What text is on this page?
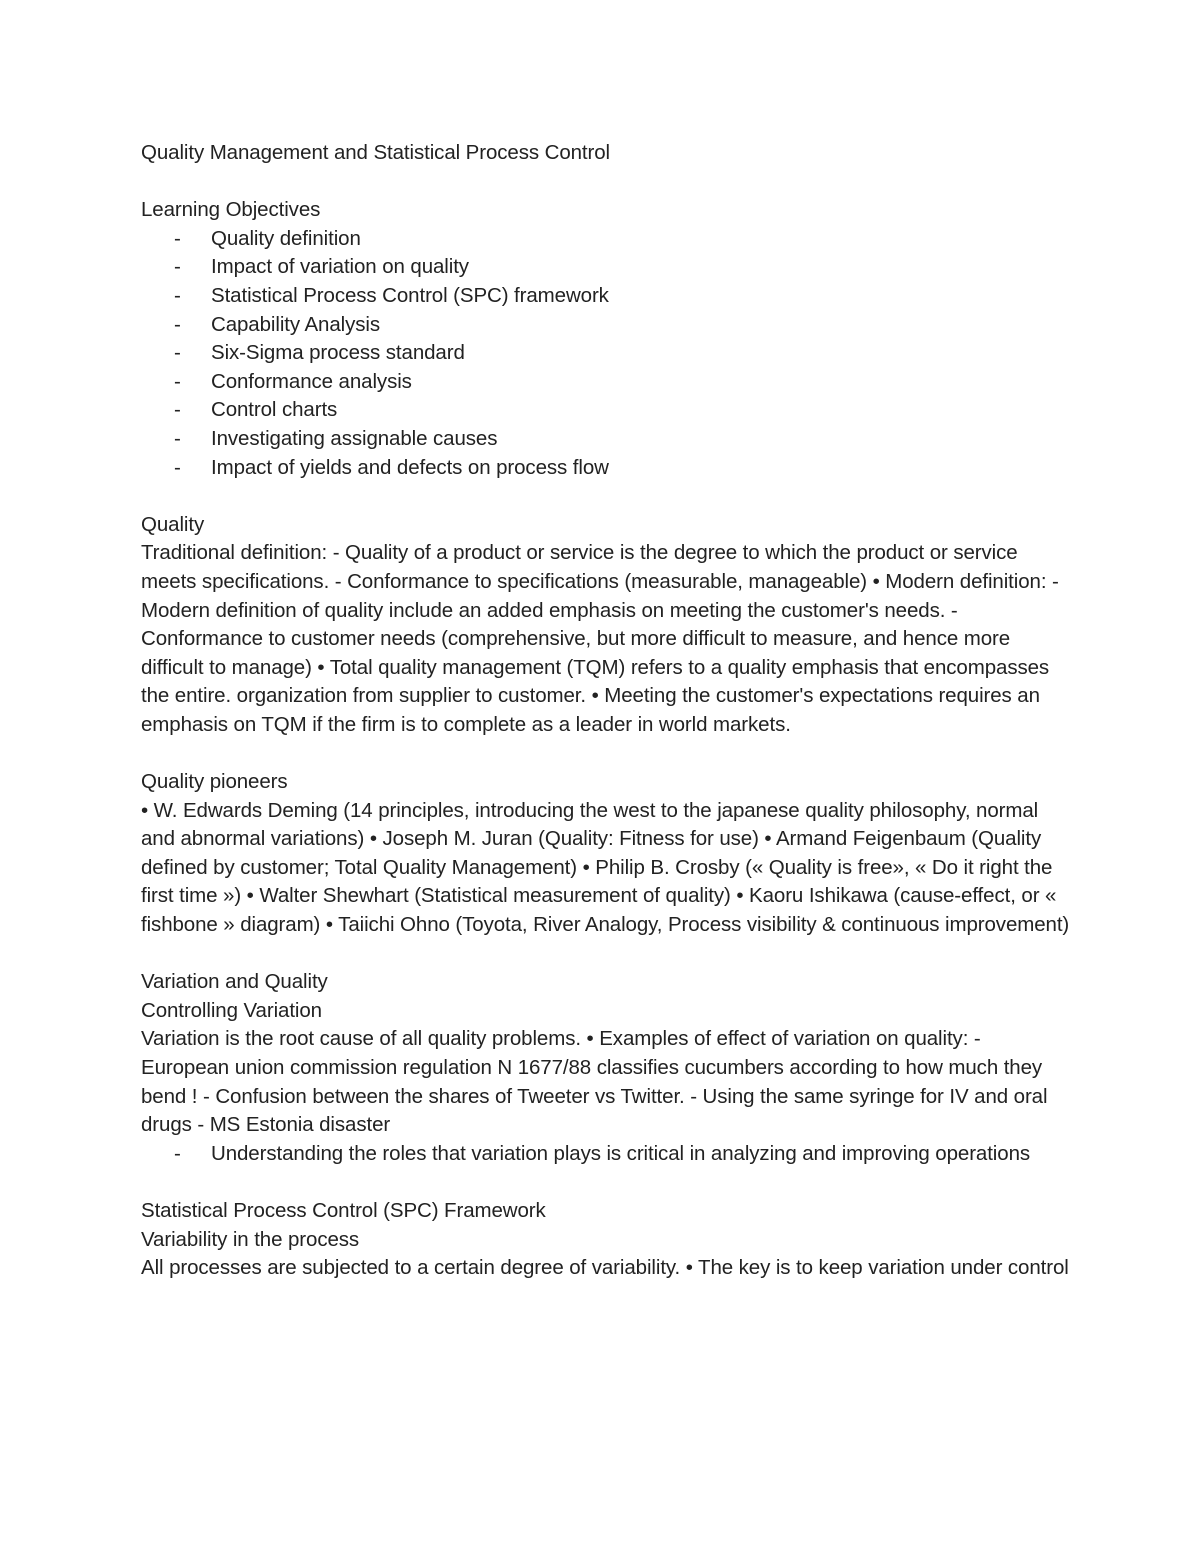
Quality Management and Statistical Process Control

Learning Objectives

- Quality definition
- Impact of variation on quality
- Statistical Process Control (SPC) framework
- Capability Analysis
- Six-Sigma process standard
- Conformance analysis
- Control charts
- Investigating assignable causes
- Impact of yields and defects on process flow

Quality

Traditional definition: - Quality of a product or service is the degree to which the product or service meets specifications. - Conformance to specifications (measurable, manageable) • Modern definition: - Modern definition of quality include an added emphasis on meeting the customer's needs. - Conformance to customer needs (comprehensive, but more difficult to measure, and hence more difficult to manage) • Total quality management (TQM) refers to a quality emphasis that encompasses the entire. organization from supplier to customer. • Meeting the customer's expectations requires an emphasis on TQM if the firm is to complete as a leader in world markets.

Quality pioneers

• W. Edwards Deming (14 principles, introducing the west to the japanese quality philosophy, normal and abnormal variations) • Joseph M. Juran (Quality: Fitness for use) • Armand Feigenbaum (Quality defined by customer; Total Quality Management) • Philip B. Crosby (« Quality is free», « Do it right the first time ») • Walter Shewhart (Statistical measurement of quality) • Kaoru Ishikawa (cause-effect, or « fishbone » diagram) • Taiichi Ohno (Toyota, River Analogy, Process visibility & continuous improvement)

Variation and Quality

Controlling Variation

Variation is the root cause of all quality problems. • Examples of effect of variation on quality: - European union commission regulation N 1677/88 classifies cucumbers according to how much they bend ! - Confusion between the shares of Tweeter vs Twitter. - Using the same syringe for IV and oral drugs - MS Estonia disaster

- Understanding the roles that variation plays is critical in analyzing and improving operations

Statistical Process Control (SPC) Framework

Variability in the process

All processes are subjected to a certain degree of variability. • The key is to keep variation under control
